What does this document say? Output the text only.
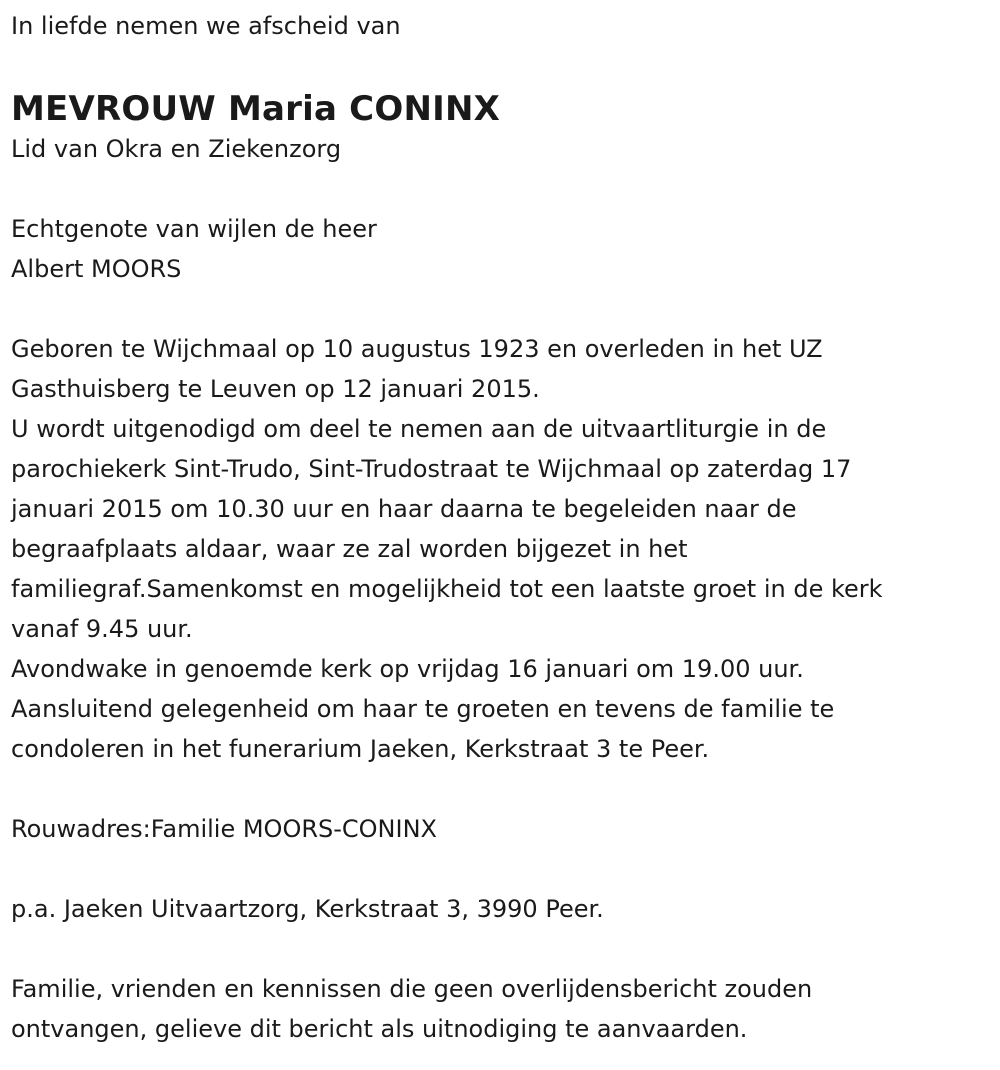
In liefde nemen we afscheid van

MEVROUW Maria CONINX

Lid van Okra en Ziekenzorg

Echtgenote van wijlen de heer

Albert MOORS

Geboren te Wijchmaal op 10 augustus 1923 en overleden in het UZ

Gasthuisberg te Leuven op 12 januari 2015.

U wordt uitgenodigd om deel te nemen aan de uitvaartliturgie in de

parochiekerk Sint-Trudo, Sint-Trudostraat te Wijchmaal op zaterdag 17

januari 2015 om 10.30 uur en haar daarna te begeleiden naar de

begraafplaats aldaar, waar ze zal worden bijgezet in het

familiegraf.Samenkomst en mogelijkheid tot een laatste groet in de kerk

vanaf 9.45 uur.

Avondwake in genoemde kerk op vrijdag 16 januari om 19.00 uur.

Aansluitend gelegenheid om haar te groeten en tevens de familie te

condoleren in het funerarium Jaeken, Kerkstraat 3 te Peer.

Rouwadres:Familie MOORS-CONINX

p.a. Jaeken Uitvaartzorg, Kerkstraat 3, 3990 Peer.

Familie, vrienden en kennissen die geen overlijdensbericht zouden

ontvangen, gelieve dit bericht als uitnodiging te aanvaarden.
